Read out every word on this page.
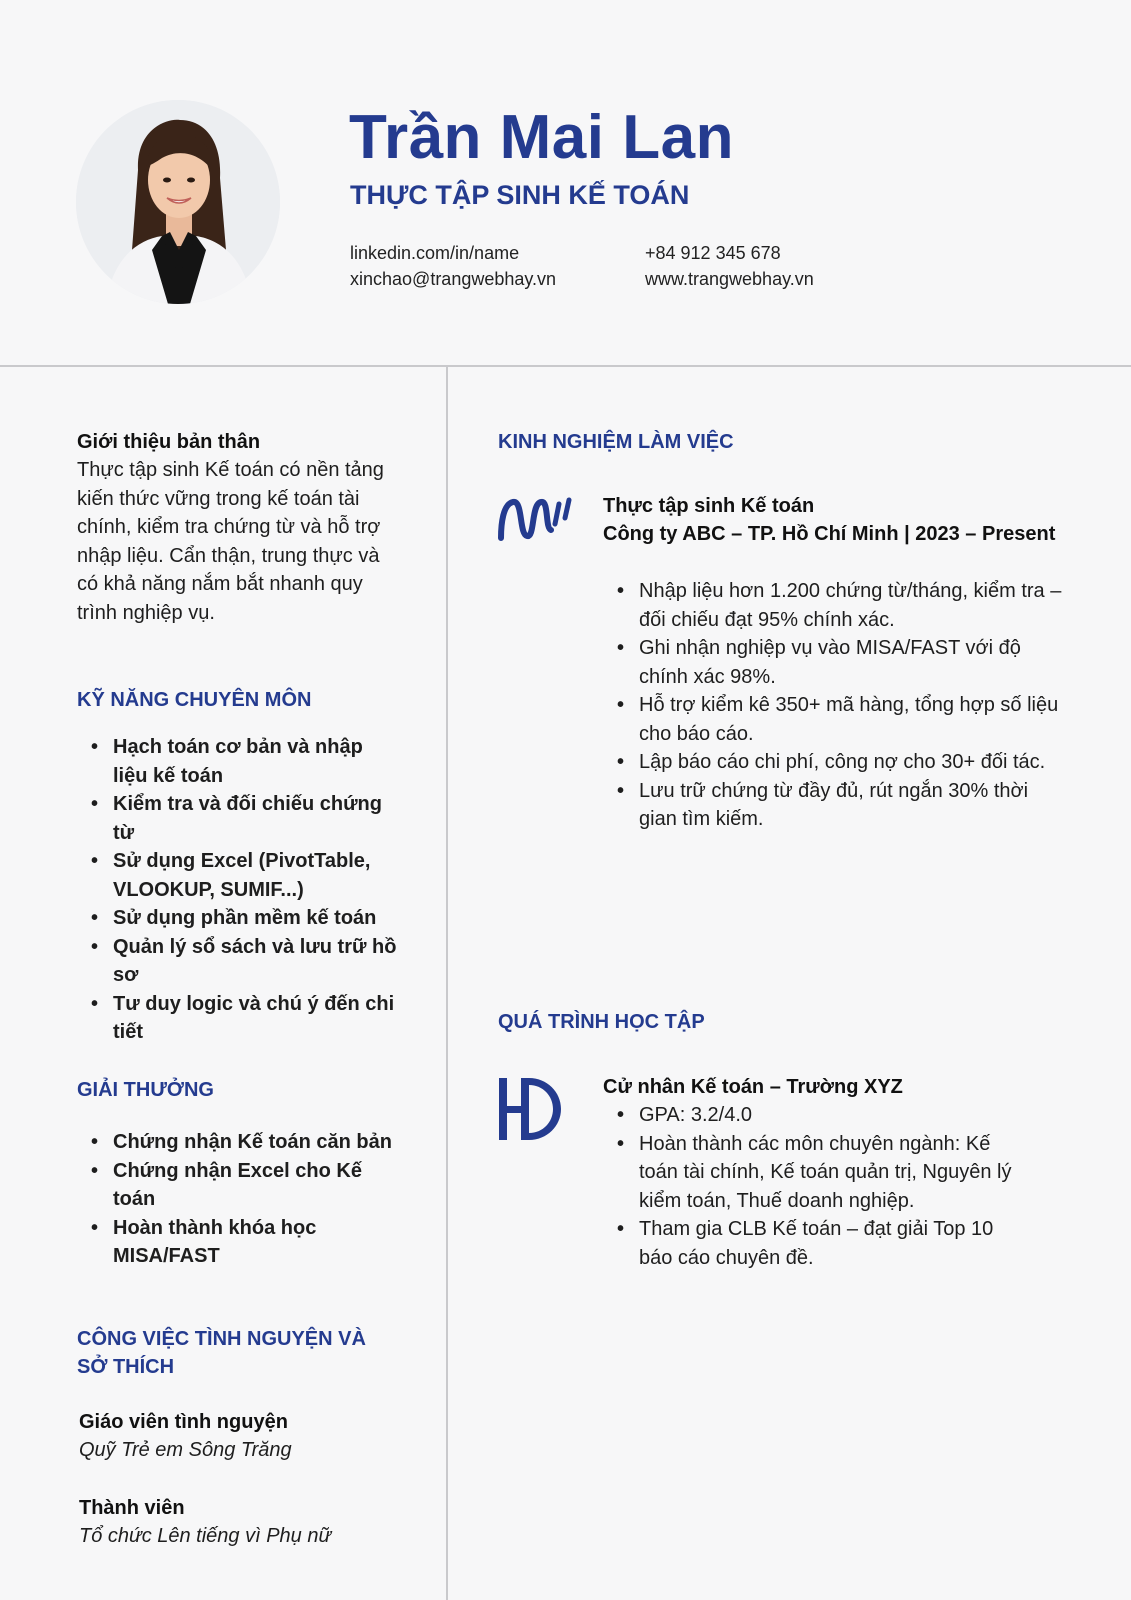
Trần Mai Lan
THỰC TẬP SINH KẾ TOÁN
linkedin.com/in/name
xinchao@trangwebhay.vn
+84 912 345 678
www.trangwebhay.vn
Giới thiệu bản thân
Thực tập sinh Kế toán có nền tảng kiến thức vững trong kế toán tài chính, kiểm tra chứng từ và hỗ trợ nhập liệu. Cẩn thận, trung thực và có khả năng nắm bắt nhanh quy trình nghiệp vụ.
KỸ NĂNG CHUYÊN MÔN
• Hạch toán cơ bản và nhập liệu kế toán
• Kiểm tra và đối chiếu chứng từ
• Sử dụng Excel (PivotTable, VLOOKUP, SUMIF...)
• Sử dụng phần mềm kế toán
• Quản lý sổ sách và lưu trữ hồ sơ
• Tư duy logic và chú ý đến chi tiết
GIẢI THƯỞNG
• Chứng nhận Kế toán căn bản
• Chứng nhận Excel cho Kế toán
• Hoàn thành khóa học MISA/FAST
CÔNG VIỆC TÌNH NGUYỆN VÀ SỞ THÍCH
Giáo viên tình nguyện
Quỹ Trẻ em Sông Trăng
Thành viên
Tổ chức Lên tiếng vì Phụ nữ
KINH NGHIỆM LÀM VIỆC
Thực tập sinh Kế toán
Công ty ABC – TP. Hồ Chí Minh | 2023 – Present
• Nhập liệu hơn 1.200 chứng từ/tháng, kiểm tra – đối chiếu đạt 95% chính xác.
• Ghi nhận nghiệp vụ vào MISA/FAST với độ chính xác 98%.
• Hỗ trợ kiểm kê 350+ mã hàng, tổng hợp số liệu cho báo cáo.
• Lập báo cáo chi phí, công nợ cho 30+ đối tác.
• Lưu trữ chứng từ đầy đủ, rút ngắn 30% thời gian tìm kiếm.
QUÁ TRÌNH HỌC TẬP
Cử nhân Kế toán – Trường XYZ
• GPA: 3.2/4.0
• Hoàn thành các môn chuyên ngành: Kế toán tài chính, Kế toán quản trị, Nguyên lý kiểm toán, Thuế doanh nghiệp.
• Tham gia CLB Kế toán – đạt giải Top 10 báo cáo chuyên đề.
